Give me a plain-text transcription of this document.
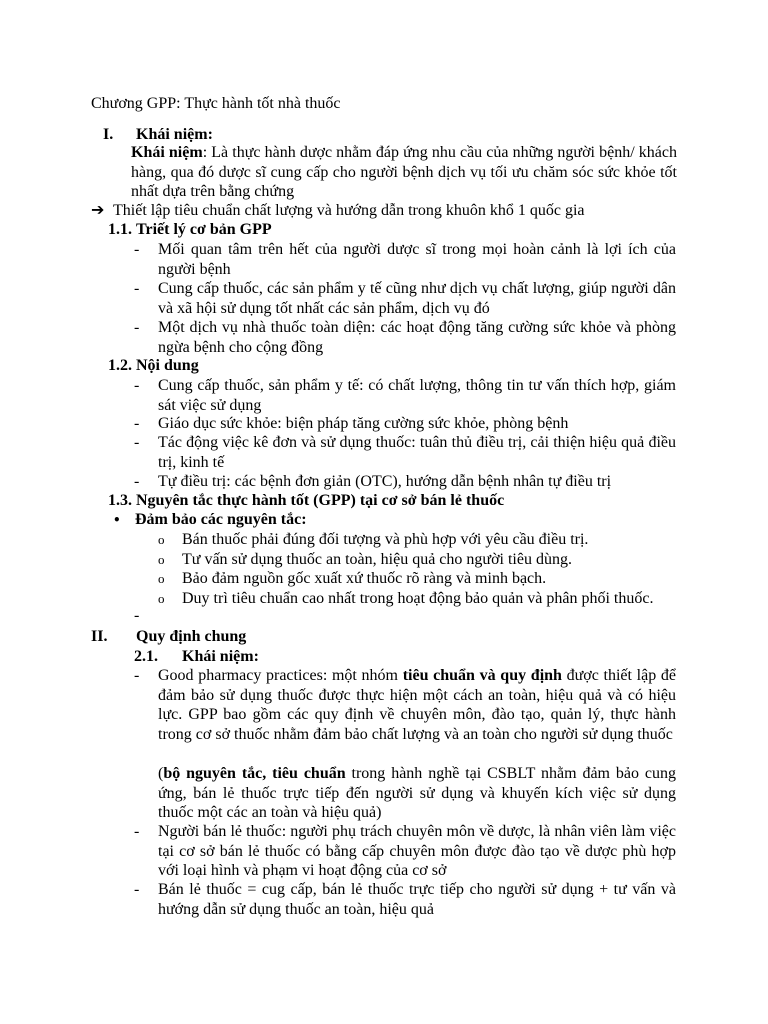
Chương GPP: Thực hành tốt nhà thuốc
I. Khái niệm:
Khái niệm: Là thực hành dược nhằm đáp ứng nhu cầu của những người bệnh/ khách hàng, qua đó dược sĩ cung cấp cho người bệnh dịch vụ tối ưu chăm sóc sức khỏe tốt nhất dựa trên bằng chứng
➔ Thiết lập tiêu chuẩn chất lượng và hướng dẫn trong khuôn khổ 1 quốc gia
1.1. Triết lý cơ bản GPP
- Mối quan tâm trên hết của người dược sĩ trong mọi hoàn cảnh là lợi ích của người bệnh
- Cung cấp thuốc, các sản phẩm y tế cũng như dịch vụ chất lượng, giúp người dân và xã hội sử dụng tốt nhất các sản phẩm, dịch vụ đó
- Một dịch vụ nhà thuốc toàn diện: các hoạt động tăng cường sức khỏe và phòng ngừa bệnh cho cộng đồng
1.2. Nội dung
- Cung cấp thuốc, sản phẩm y tế: có chất lượng, thông tin tư vấn thích hợp, giám sát việc sử dụng
- Giáo dục sức khỏe: biện pháp tăng cường sức khỏe, phòng bệnh
- Tác động việc kê đơn và sử dụng thuốc: tuân thủ điều trị, cải thiện hiệu quả điều trị, kinh tế
- Tự điều trị: các bệnh đơn giản (OTC), hướng dẫn bệnh nhân tự điều trị
1.3. Nguyên tắc thực hành tốt (GPP) tại cơ sở bán lẻ thuốc
• Đảm bảo các nguyên tắc:
o Bán thuốc phải đúng đối tượng và phù hợp với yêu cầu điều trị.
o Tư vấn sử dụng thuốc an toàn, hiệu quả cho người tiêu dùng.
o Bảo đảm nguồn gốc xuất xứ thuốc rõ ràng và minh bạch.
o Duy trì tiêu chuẩn cao nhất trong hoạt động bảo quản và phân phối thuốc.
-
II. Quy định chung
2.1. Khái niệm:
- Good pharmacy practices: một nhóm tiêu chuẩn và quy định được thiết lập để đảm bảo sử dụng thuốc được thực hiện một cách an toàn, hiệu quả và có hiệu lực. GPP bao gồm các quy định về chuyên môn, đào tạo, quản lý, thực hành trong cơ sở thuốc nhằm đảm bảo chất lượng và an toàn cho người sử dụng thuốc
(bộ nguyên tắc, tiêu chuẩn trong hành nghề tại CSBLT nhằm đảm bảo cung ứng, bán lẻ thuốc trực tiếp đến người sử dụng và khuyến kích việc sử dụng thuốc một các an toàn và hiệu quả)
- Người bán lẻ thuốc: người phụ trách chuyên môn về dược, là nhân viên làm việc tại cơ sở bán lẻ thuốc có bằng cấp chuyên môn được đào tạo về dược phù hợp với loại hình và phạm vi hoạt động của cơ sở
- Bán lẻ thuốc = cug cấp, bán lẻ thuốc trực tiếp cho người sử dụng + tư vấn và hướng dẫn sử dụng thuốc an toàn, hiệu quả
